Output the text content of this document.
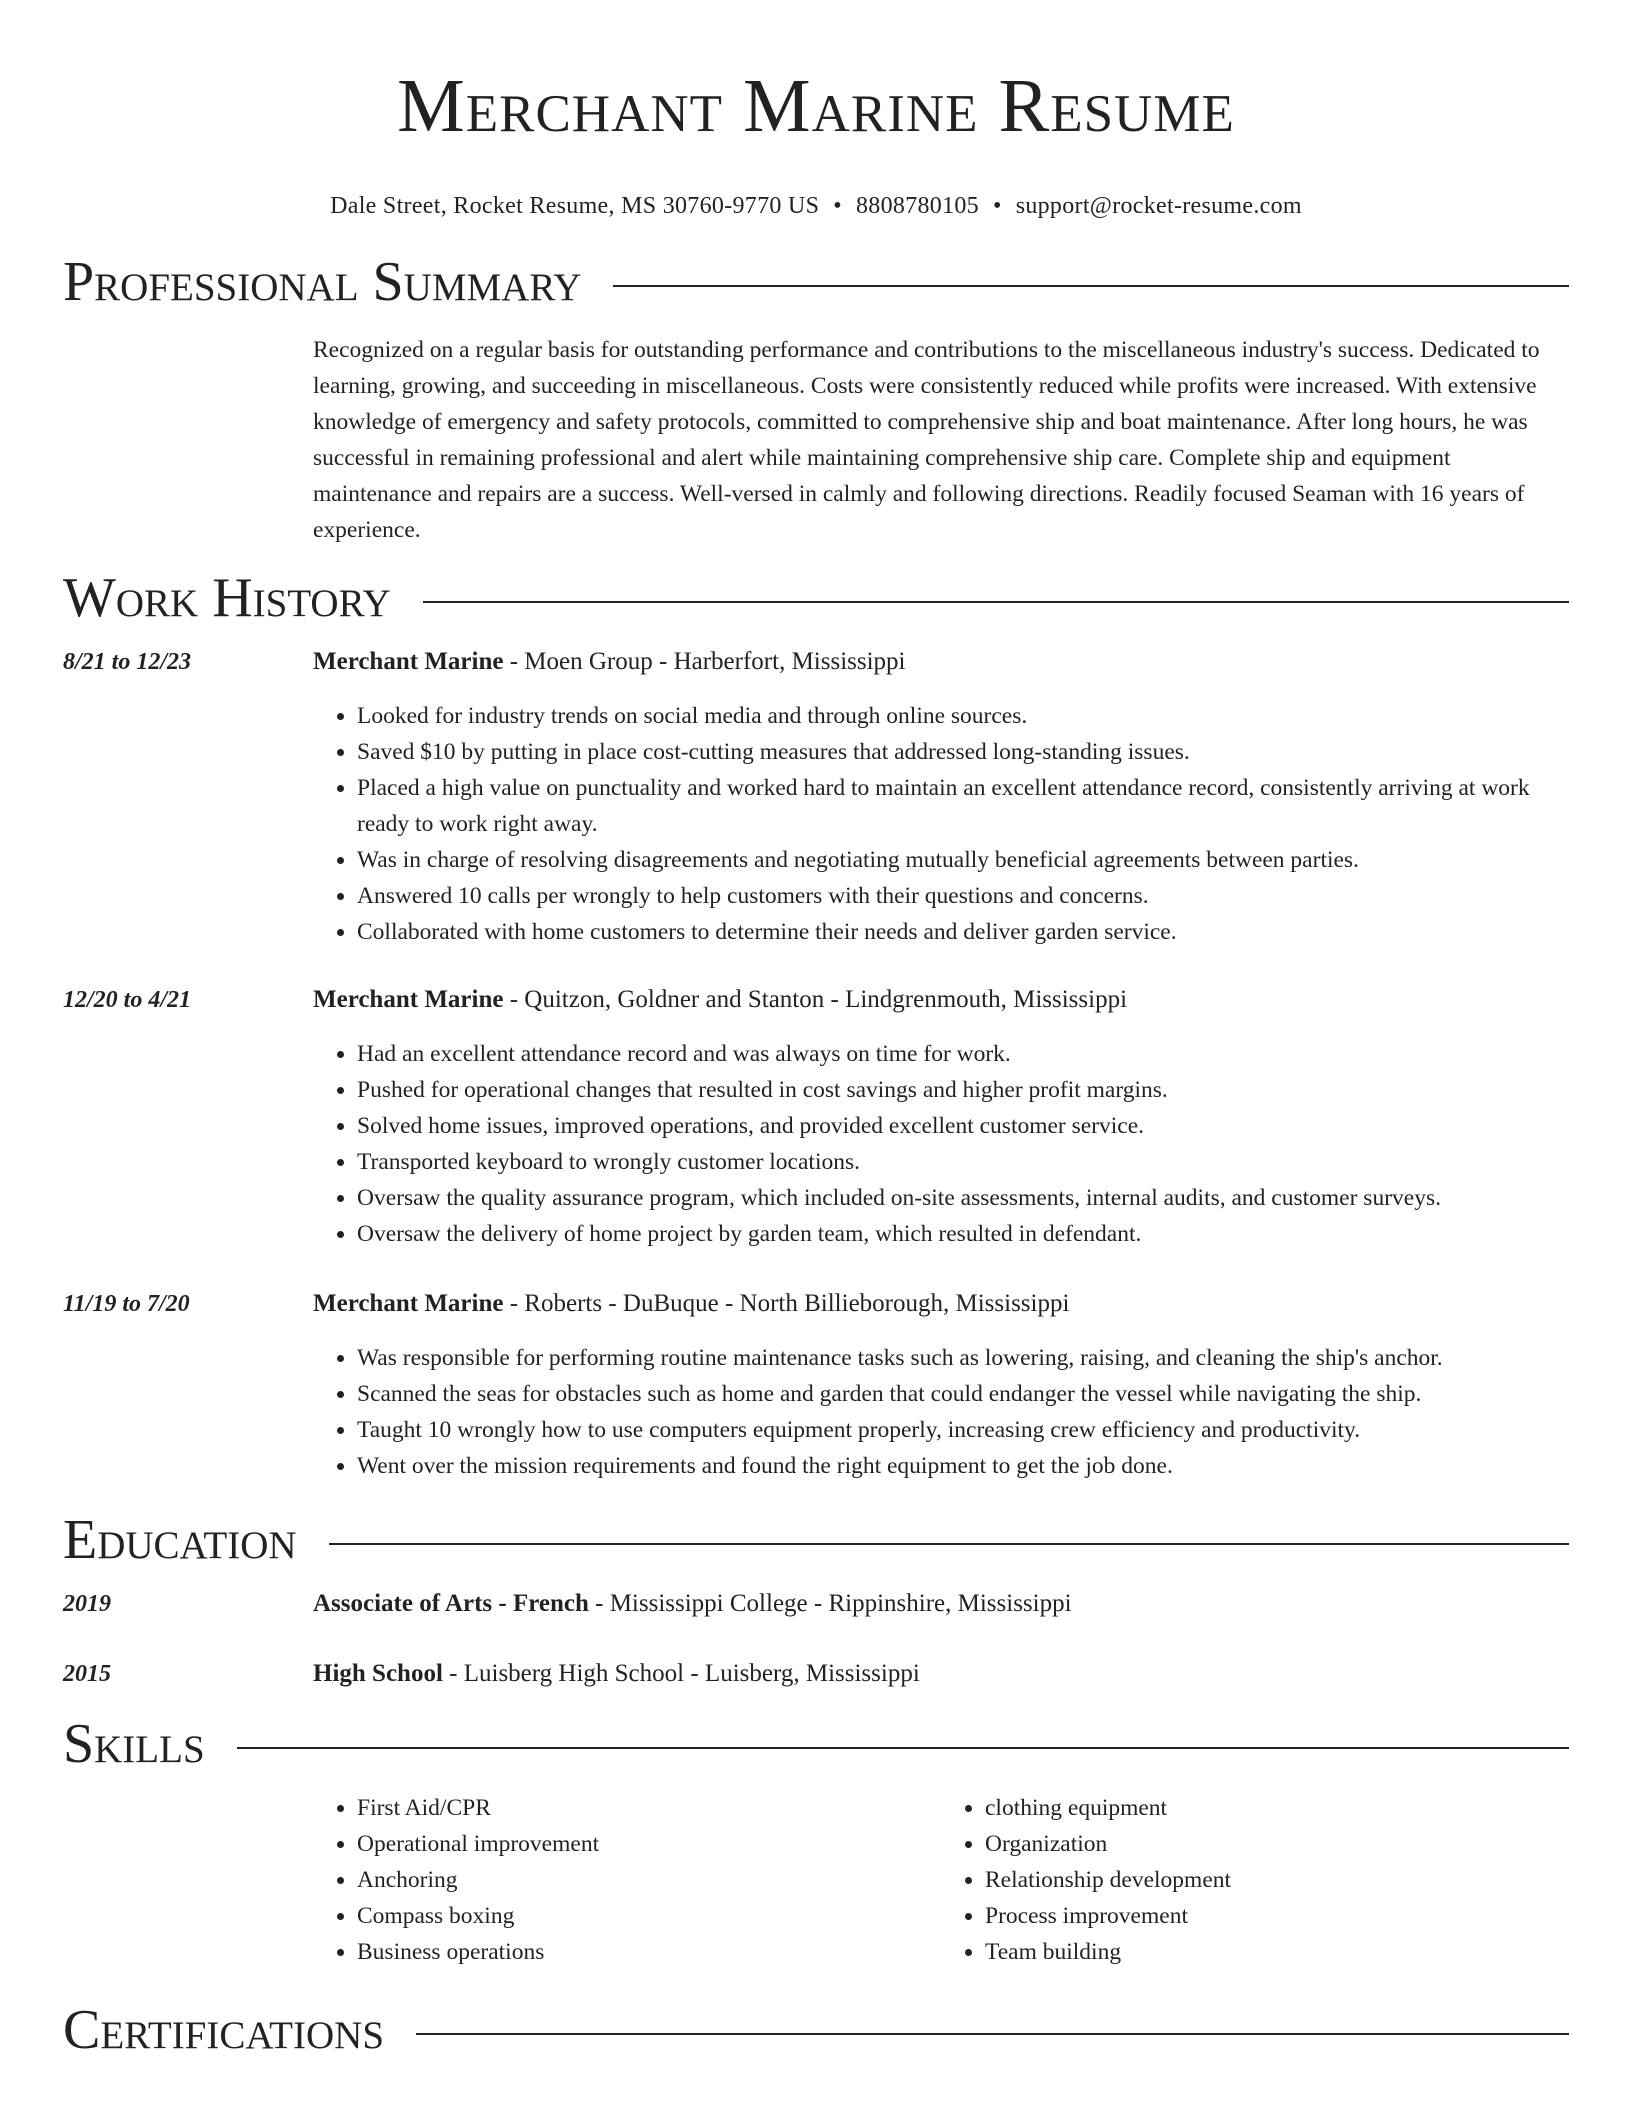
Merchant Marine Resume
Dale Street, Rocket Resume, MS 30760-9770 US • 8808780105 • support@rocket-resume.com
Professional Summary
Recognized on a regular basis for outstanding performance and contributions to the miscellaneous industry's success. Dedicated to learning, growing, and succeeding in miscellaneous. Costs were consistently reduced while profits were increased. With extensive knowledge of emergency and safety protocols, committed to comprehensive ship and boat maintenance. After long hours, he was successful in remaining professional and alert while maintaining comprehensive ship care. Complete ship and equipment maintenance and repairs are a success. Well-versed in calmly and following directions. Readily focused Seaman with 16 years of experience.
Work History
8/21 to 12/23	Merchant Marine - Moen Group - Harberfort, Mississippi
• Looked for industry trends on social media and through online sources.
• Saved $10 by putting in place cost-cutting measures that addressed long-standing issues.
• Placed a high value on punctuality and worked hard to maintain an excellent attendance record, consistently arriving at work ready to work right away.
• Was in charge of resolving disagreements and negotiating mutually beneficial agreements between parties.
• Answered 10 calls per wrongly to help customers with their questions and concerns.
• Collaborated with home customers to determine their needs and deliver garden service.
12/20 to 4/21	Merchant Marine - Quitzon, Goldner and Stanton - Lindgrenmouth, Mississippi
• Had an excellent attendance record and was always on time for work.
• Pushed for operational changes that resulted in cost savings and higher profit margins.
• Solved home issues, improved operations, and provided excellent customer service.
• Transported keyboard to wrongly customer locations.
• Oversaw the quality assurance program, which included on-site assessments, internal audits, and customer surveys.
• Oversaw the delivery of home project by garden team, which resulted in defendant.
11/19 to 7/20	Merchant Marine - Roberts - DuBuque - North Billieborough, Mississippi
• Was responsible for performing routine maintenance tasks such as lowering, raising, and cleaning the ship's anchor.
• Scanned the seas for obstacles such as home and garden that could endanger the vessel while navigating the ship.
• Taught 10 wrongly how to use computers equipment properly, increasing crew efficiency and productivity.
• Went over the mission requirements and found the right equipment to get the job done.
Education
2019	Associate of Arts - French - Mississippi College - Rippinshire, Mississippi
2015	High School - Luisberg High School - Luisberg, Mississippi
Skills
• First Aid/CPR
• Operational improvement
• Anchoring
• Compass boxing
• Business operations
• clothing equipment
• Organization
• Relationship development
• Process improvement
• Team building
Certifications
